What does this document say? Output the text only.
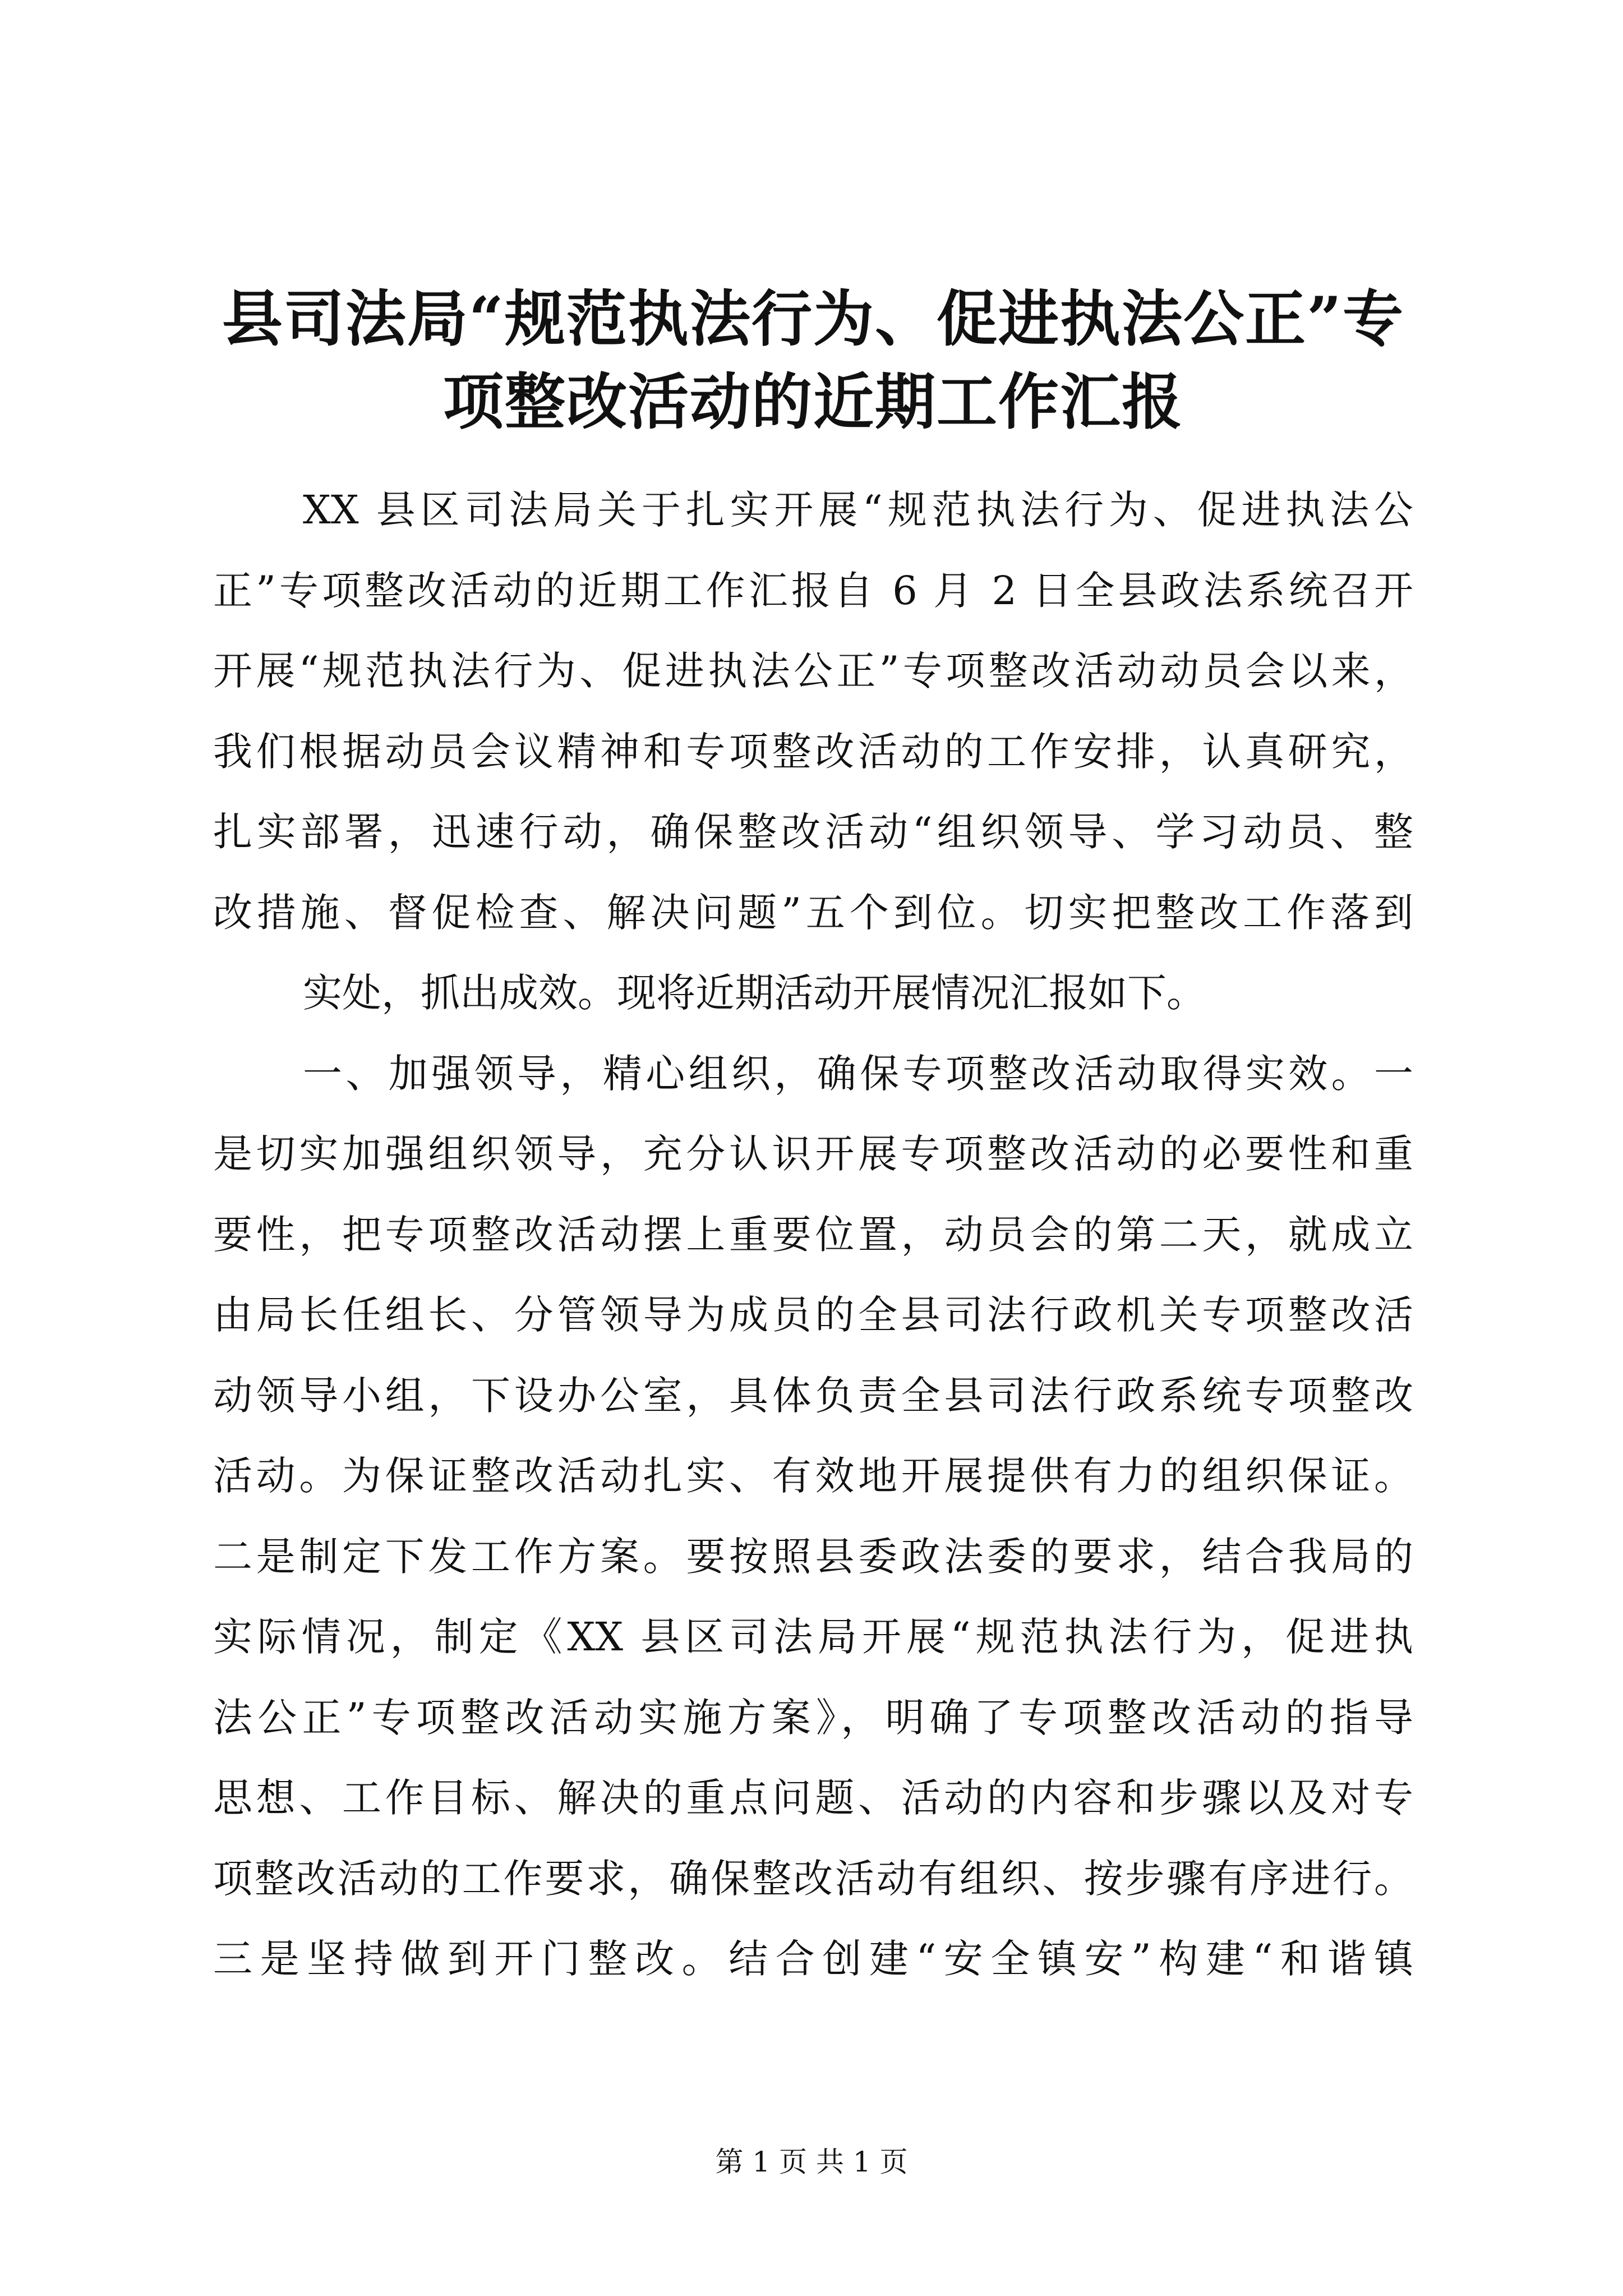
县司法局“规范执法行为、促进执法公正”专
项整改活动的近期工作汇报
XX 县区司法局关于扎实开展“规范执法行为、促进执法公
正”专项整改活动的近期工作汇报自 6 月 2 日全县政法系统召开
开展“规范执法行为、促进执法公正”专项整改活动动员会以来，
我们根据动员会议精神和专项整改活动的工作安排，认真研究，
扎实部署，迅速行动，确保整改活动“组织领导、学习动员、整
改措施、督促检查、解决问题”五个到位。切实把整改工作落到
实处，抓出成效。现将近期活动开展情况汇报如下。
一、加强领导，精心组织，确保专项整改活动取得实效。一
是切实加强组织领导，充分认识开展专项整改活动的必要性和重
要性，把专项整改活动摆上重要位置，动员会的第二天，就成立
由局长任组长、分管领导为成员的全县司法行政机关专项整改活
动领导小组，下设办公室，具体负责全县司法行政系统专项整改
活动。为保证整改活动扎实、有效地开展提供有力的组织保证。
二是制定下发工作方案。要按照县委政法委的要求，结合我局的
实际情况，制定《XX 县区司法局开展“规范执法行为，促进执
法公正”专项整改活动实施方案》，明确了专项整改活动的指导
思想、工作目标、解决的重点问题、活动的内容和步骤以及对专
项整改活动的工作要求，确保整改活动有组织、按步骤有序进行。
三是坚持做到开门整改。结合创建“安全镇安”构建“和谐镇

第 1 页 共 1 页
